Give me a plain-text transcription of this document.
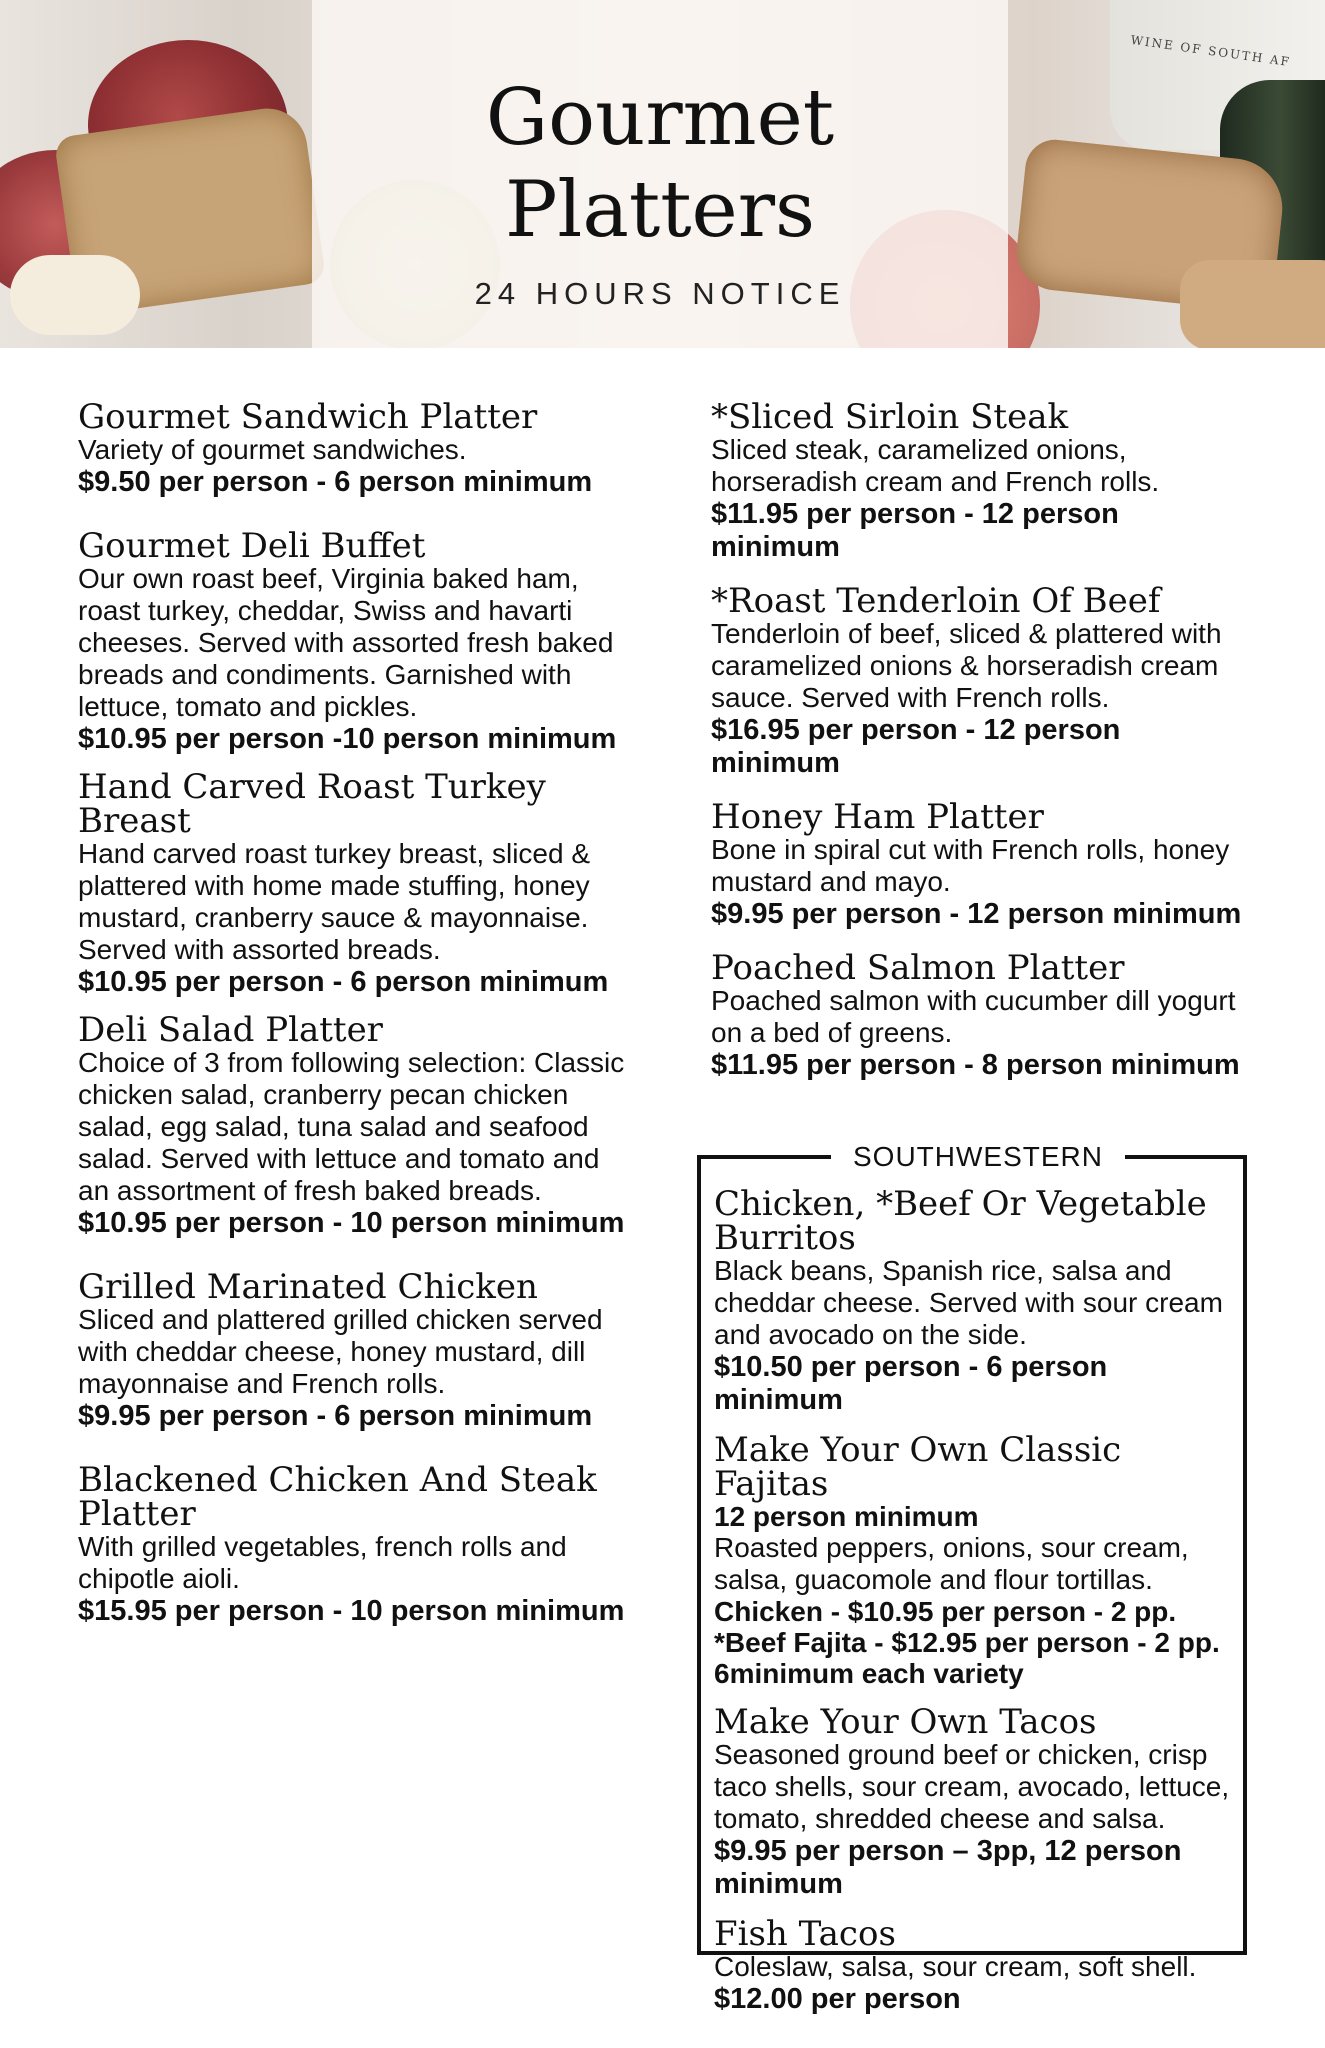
WINE OF SOUTH AF
Gourmet
Platters
24 HOURS NOTICE

Gourmet Sandwich Platter

Variety of gourmet sandwiches.

$9.50 per person - 6 person minimum

Gourmet Deli Buffet

Our own roast beef, Virginia baked ham, roast turkey, cheddar, Swiss and havarti cheeses. Served with assorted fresh baked breads and condiments. Garnished with lettuce, tomato and pickles.

$10.95 per person -10 person minimum

Hand Carved Roast Turkey Breast

Hand carved roast turkey breast, sliced & plattered with home made stuffing, honey mustard, cranberry sauce & mayonnaise. Served with assorted breads.

$10.95 per person - 6 person minimum

Deli Salad Platter

Choice of 3 from following selection: Classic chicken salad, cranberry pecan chicken salad, egg salad, tuna salad and seafood salad. Served with lettuce and tomato and an assortment of fresh baked breads.

$10.95 per person - 10 person minimum

Grilled Marinated Chicken

Sliced and plattered grilled chicken served with cheddar cheese, honey mustard, dill mayonnaise and French rolls.

$9.95 per person - 6 person minimum

Blackened Chicken And Steak Platter

With grilled vegetables, french rolls and chipotle aioli.

$15.95 per person - 10 person minimum

*Sliced Sirloin Steak

Sliced steak, caramelized onions, horseradish cream and French rolls.

$11.95 per person - 12 person minimum

*Roast Tenderloin Of Beef

Tenderloin of beef, sliced & plattered with caramelized onions & horseradish cream sauce. Served with French rolls.

$16.95 per person - 12 person minimum

Honey Ham Platter

Bone in spiral cut with French rolls, honey mustard and mayo.

$9.95 per person - 12 person minimum

Poached Salmon Platter

Poached salmon with cucumber dill yogurt on a bed of greens.

$11.95 per person - 8 person minimum

SOUTHWESTERN

Chicken, *Beef Or Vegetable Burritos

Black beans, Spanish rice, salsa and cheddar cheese. Served with sour cream and avocado on the side.

$10.50 per person - 6 person minimum

Make Your Own Classic Fajitas

12 person minimum

Roasted peppers, onions, sour cream, salsa, guacomole and flour tortillas.

Chicken - $10.95 per person - 2 pp.

*Beef Fajita - $12.95 per person - 2 pp. 6minimum each variety

Make Your Own Tacos

Seasoned ground beef or chicken, crisp taco shells, sour cream, avocado, lettuce, tomato, shredded cheese and salsa.

$9.95 per person – 3pp, 12 person minimum

Fish Tacos

Coleslaw, salsa, sour cream, soft shell.

$12.00 per person
